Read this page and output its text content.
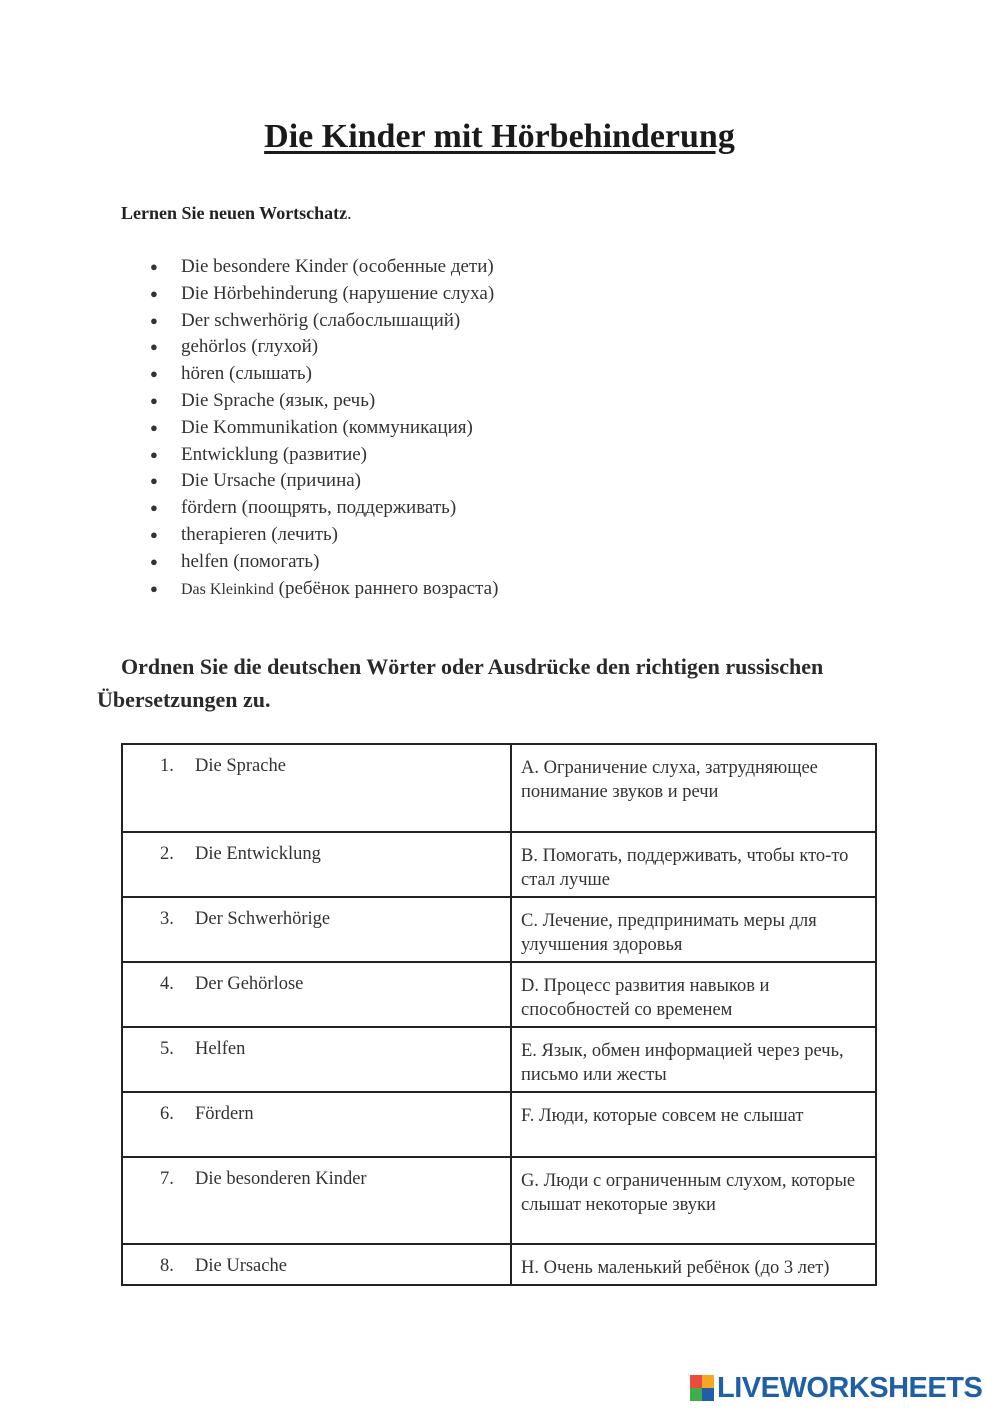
Die Kinder mit Hörbehinderung

Lernen Sie neuen Wortschatz.

●	Die besondere Kinder (особенные дети)
●	Die Hörbehinderung (нарушение слуха)
●	Der schwerhörig (слабослышащий)
●	gehörlos (глухой)
●	hören (слышать)
●	Die Sprache (язык, речь)
●	Die Kommunikation (коммуникация)
●	Entwicklung (развитие)
●	Die Ursache (причина)
●	fördern (поощрять, поддерживать)
●	therapieren (лечить)
●	helfen (помогать)
●	Das Kleinkind (ребёнок раннего возраста)

Ordnen Sie die deutschen Wörter oder Ausdrücke den richtigen russischen Übersetzungen zu.

1. Die Sprache	A. Ограничение слуха, затрудняющее понимание звуков и речи
2. Die Entwicklung	B. Помогать, поддерживать, чтобы кто-то стал лучше
3. Der Schwerhörige	C. Лечение, предпринимать меры для улучшения здоровья
4. Der Gehörlose	D. Процесс развития навыков и способностей со временем
5. Helfen	E. Язык, обмен информацией через речь, письмо или жесты
6. Fördern	F. Люди, которые совсем не слышат
7. Die besonderen Kinder	G. Люди с ограниченным слухом, которые слышат некоторые звуки
8. Die Ursache	H. Очень маленький ребёнок (до 3 лет)
LIVEWORKSHEETS
